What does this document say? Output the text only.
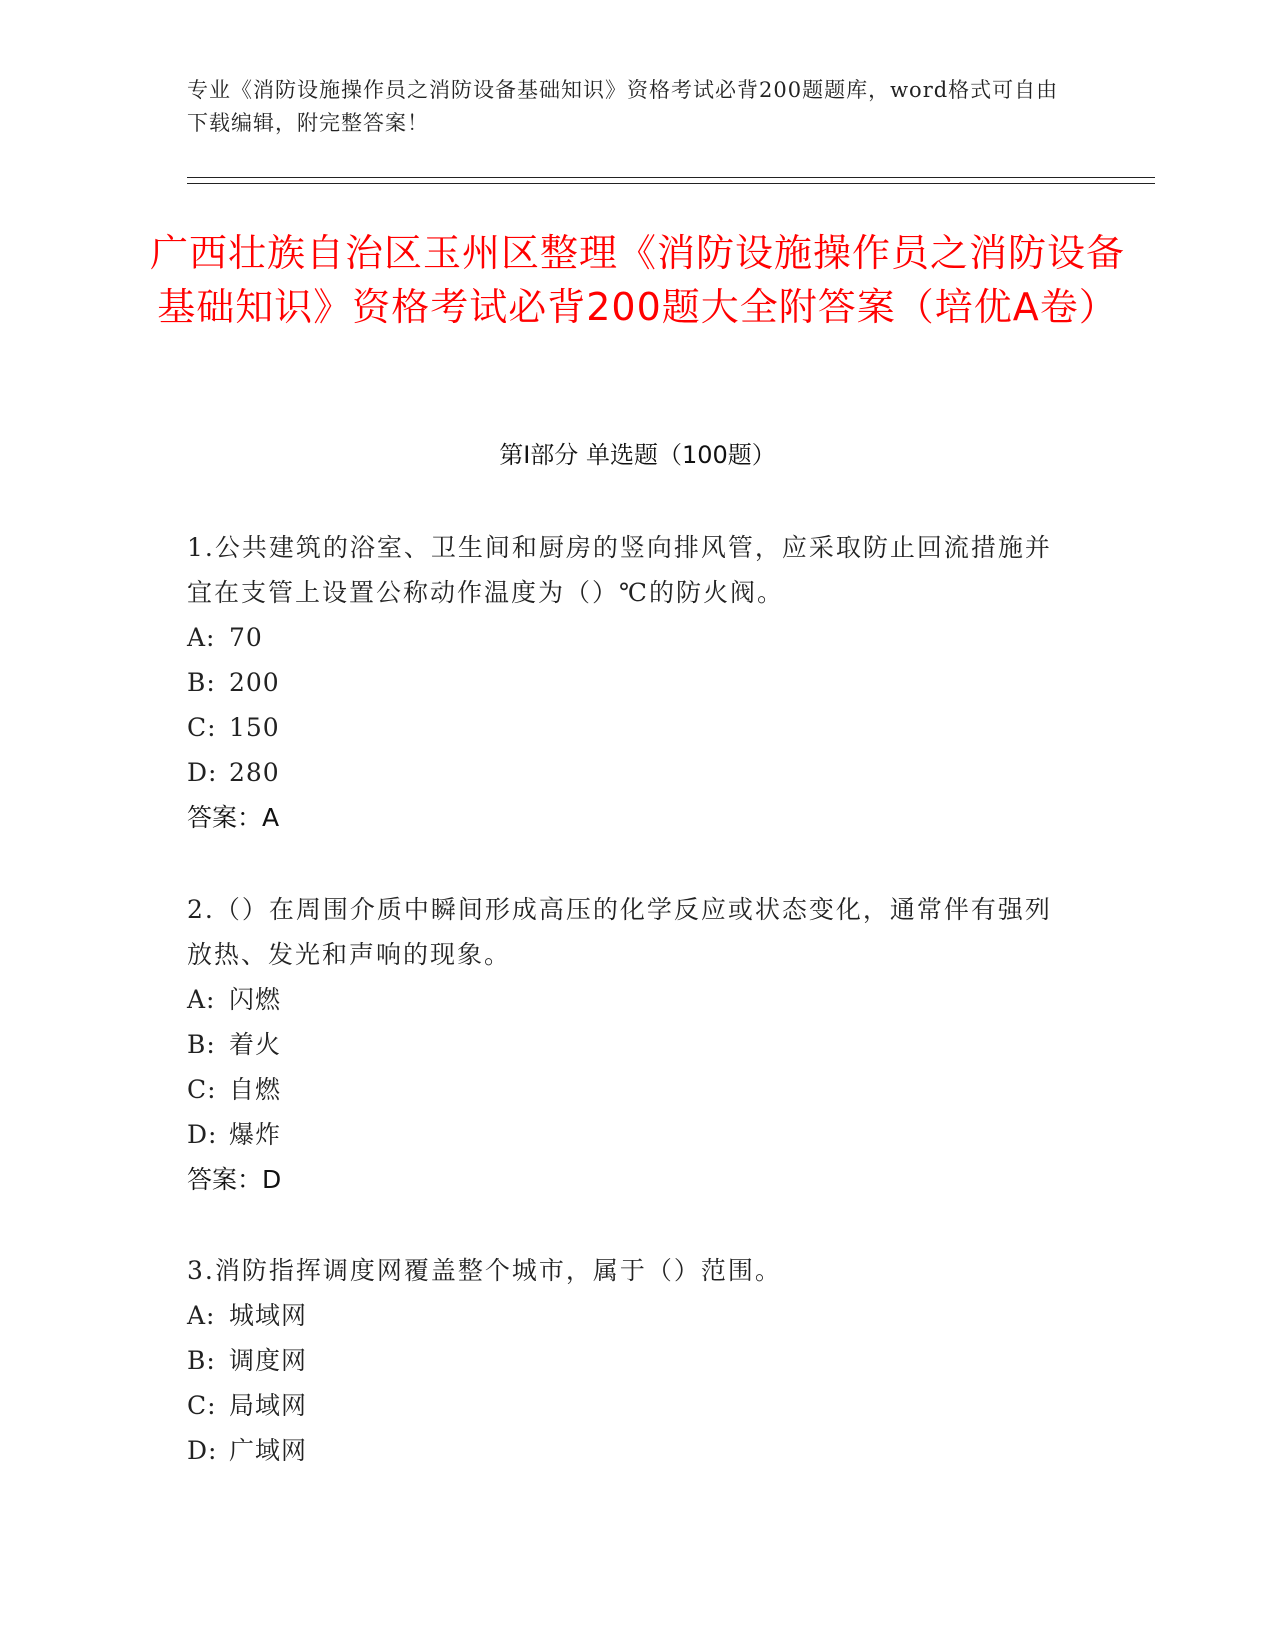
专业《消防设施操作员之消防设备基础知识》资格考试必背200题题库，word格式可自由下载编辑，附完整答案！
广西壮族自治区玉州区整理《消防设施操作员之消防设备基础知识》资格考试必背200题大全附答案（培优A卷）
第I部分 单选题（100题）
1.公共建筑的浴室、卫生间和厨房的竖向排风管，应采取防止回流措施并宜在支管上设置公称动作温度为（）℃的防火阀。
A: 70
B: 200
C: 150
D: 280
答案：A
2.（）在周围介质中瞬间形成高压的化学反应或状态变化，通常伴有强列放热、发光和声响的现象。
A: 闪燃
B: 着火
C: 自燃
D: 爆炸
答案：D
3.消防指挥调度网覆盖整个城市，属于（）范围。
A: 城域网
B: 调度网
C: 局域网
D: 广域网
